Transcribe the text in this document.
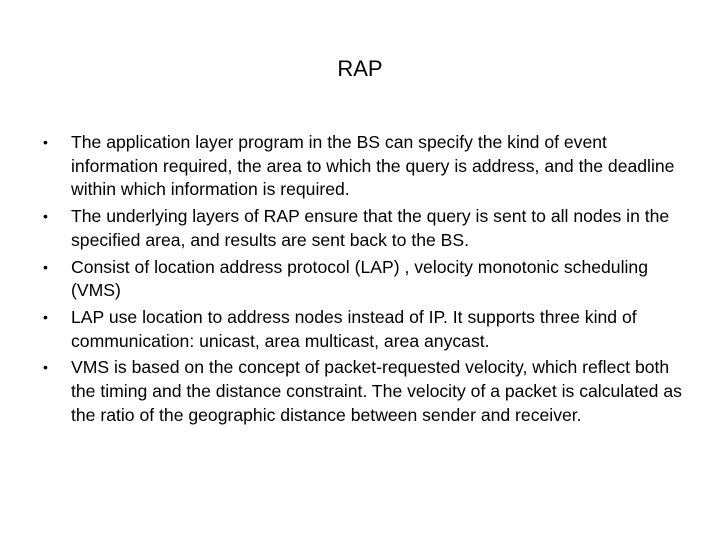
RAP
• The application layer program in the BS can specify the kind of event information required, the area to which the query is address, and the deadline within which information is required.
• The underlying layers of RAP ensure that the query is sent to all nodes in the specified area, and results are sent back to the BS.
• Consist of location address protocol (LAP) , velocity monotonic scheduling (VMS)
• LAP use location to address nodes instead of IP. It supports three kind of communication: unicast, area multicast, area anycast.
• VMS is based on the concept of packet-requested velocity, which reflect both the timing and the distance constraint. The velocity of a packet is calculated as the ratio of the geographic distance between sender and receiver.
